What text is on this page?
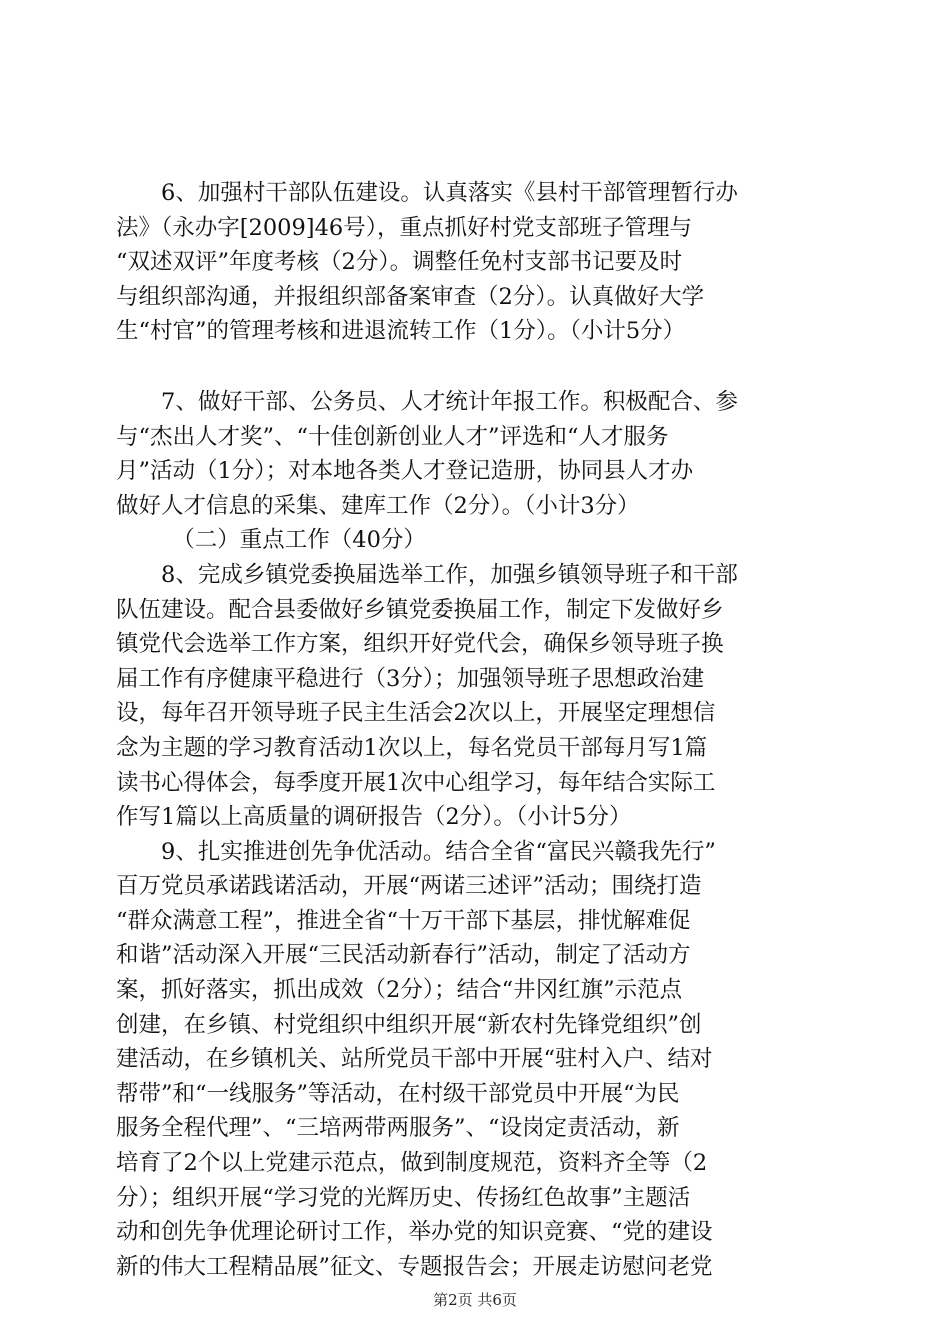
　　6、加强村干部队伍建设。认真落实《县村干部管理暂行办
法》（永办字[2009]46号），重点抓好村党支部班子管理与
“双述双评”年度考核（2分）。调整任免村支部书记要及时
与组织部沟通，并报组织部备案审查（2分）。认真做好大学
生“村官”的管理考核和进退流转工作（1分）。（小计5分）

　　7、做好干部、公务员、人才统计年报工作。积极配合、参
与“杰出人才奖”、“十佳创新创业人才”评选和“人才服务
月”活动（1分）；对本地各类人才登记造册，协同县人才办
做好人才信息的采集、建库工作（2分）。（小计3分）

　　　（二）重点工作（40分）

　　8、完成乡镇党委换届选举工作，加强乡镇领导班子和干部
队伍建设。配合县委做好乡镇党委换届工作，制定下发做好乡
镇党代会选举工作方案，组织开好党代会，确保乡领导班子换
届工作有序健康平稳进行（3分）；加强领导班子思想政治建
设，每年召开领导班子民主生活会2次以上，开展坚定理想信
念为主题的学习教育活动1次以上，每名党员干部每月写1篇
读书心得体会，每季度开展1次中心组学习，每年结合实际工
作写1篇以上高质量的调研报告（2分）。（小计5分）

　　9、扎实推进创先争优活动。结合全省“富民兴赣我先行”
百万党员承诺践诺活动，开展“两诺三述评”活动；围绕打造
“群众满意工程”，推进全省“十万干部下基层，排忧解难促
和谐”活动深入开展“三民活动新春行”活动，制定了活动方
案，抓好落实，抓出成效（2分）；结合“井冈红旗”示范点
创建，在乡镇、村党组织中组织开展“新农村先锋党组织”创
建活动，在乡镇机关、站所党员干部中开展“驻村入户、结对
帮带”和“一线服务”等活动，在村级干部党员中开展“为民
服务全程代理”、“三培两带两服务”、“设岗定责活动，新
培育了2个以上党建示范点，做到制度规范，资料齐全等（2
分）；组织开展“学习党的光辉历史、传扬红色故事”主题活
动和创先争优理论研讨工作，举办党的知识竞赛、“党的建设
新的伟大工程精品展”征文、专题报告会；开展走访慰问老党

第2页 共6页
